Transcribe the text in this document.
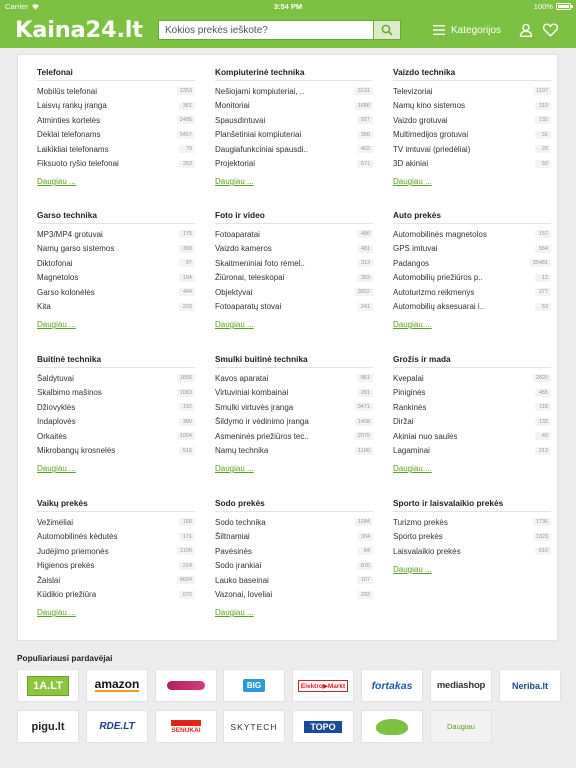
Carrier	3:54 PM	100%
Kaina24.lt
Kokios prekės ieškote?	Kategorijos
Telefonai
Mobilūs telefonai	1353
Laisvų rankų įranga	361
Atminties kortelės	2485
Dėklai telefonams	3457
Laikikliai telefonams	79
Fiksuoto ryšio telefonai	253
Daugiau ...
Kompiuterinė technika
Nešiojami kompiuteriai, ..	3131
Monitoriai	1686
Spausdintuvai	927
Planšetiniai kompiuteriai	356
Daugiafunkciniai spausdi..	402
Projektoriai	671
Daugiau ...
Vaizdo technika
Televizoriai	1107
Namų kino sistemos	210
Vaizdo grotuvai	132
Multimedijos grotuvai	31
TV imtuvai (priedėliai)	29
3D akiniai	50
Daugiau ...
Garso technika
MP3/MP4 grotuvai	175
Namų garso sistemos	300
Diktofonai	97
Magnetolos	104
Garso kolonėlės	444
Kita	233
Daugiau ...
Foto ir video
Fotoaparatai	486
Vaizdo kameros	481
Skaitmeniniai foto rėmel..	313
Žiūronai, teleskopai	393
Objektyvai	3852
Fotoaparatų stovai	241
Daugiau ...
Auto prekės
Automobilinės magnetolos	157
GPS imtuvai	554
Padangos	35481
Automobilių priežiūros p..	12
Autoturizmo reikmenys	277
Automobilių aksesuarai i..	53
Daugiau ...
Buitinė technika
Šaldytuvai	1856
Skalbimo mašinos	1083
Džiovyklės	192
Indaplovės	380
Orkaitės	1064
Mikrobangų krosnelės	515
Daugiau ...
Smulki buitinė technika
Kavos aparatai	861
Virtuviniai kombainai	281
Smulki virtuvės įranga	3471
Šildymo ir vėdinimo įranga	1458
Asmeninės priežiūros tec..	2075
Namų technika	1106
Daugiau ...
Grožis ir mada
Kvepalai	2820
Piniginės	455
Rankinės	118
Diržai	132
Akiniai nuo saulės	49
Lagaminai	213
Daugiau ...
Vaikų prekės
Vežimėliai	168
Automobilinės kėdutės	171
Judėjimo priemonės	1106
Higienos prekės	214
Žaislai	4664
Kūdikio priežiūra	672
Daugiau ...
Sodo prekės
Sodo technika	1284
Šiltnamiai	304
Pavėsinės	84
Sodo įrankiai	876
Lauko baseinai	107
Vazonai, loveliai	292
Daugiau ...
Sporto ir laisvalaikio prekės
Turizmo prekės	1736
Sporto prekės	1323
Laisvalaikio prekės	610
Daugiau ...
Populiariausi pardavėjai
1A.LT	amazon	BIG	Elektro▶Markt	fortakas	mediashop	Neriba.lt
pigu.lt	RDE.LT	SENUKAI	SKYTECH	TOPO	Daugiau
